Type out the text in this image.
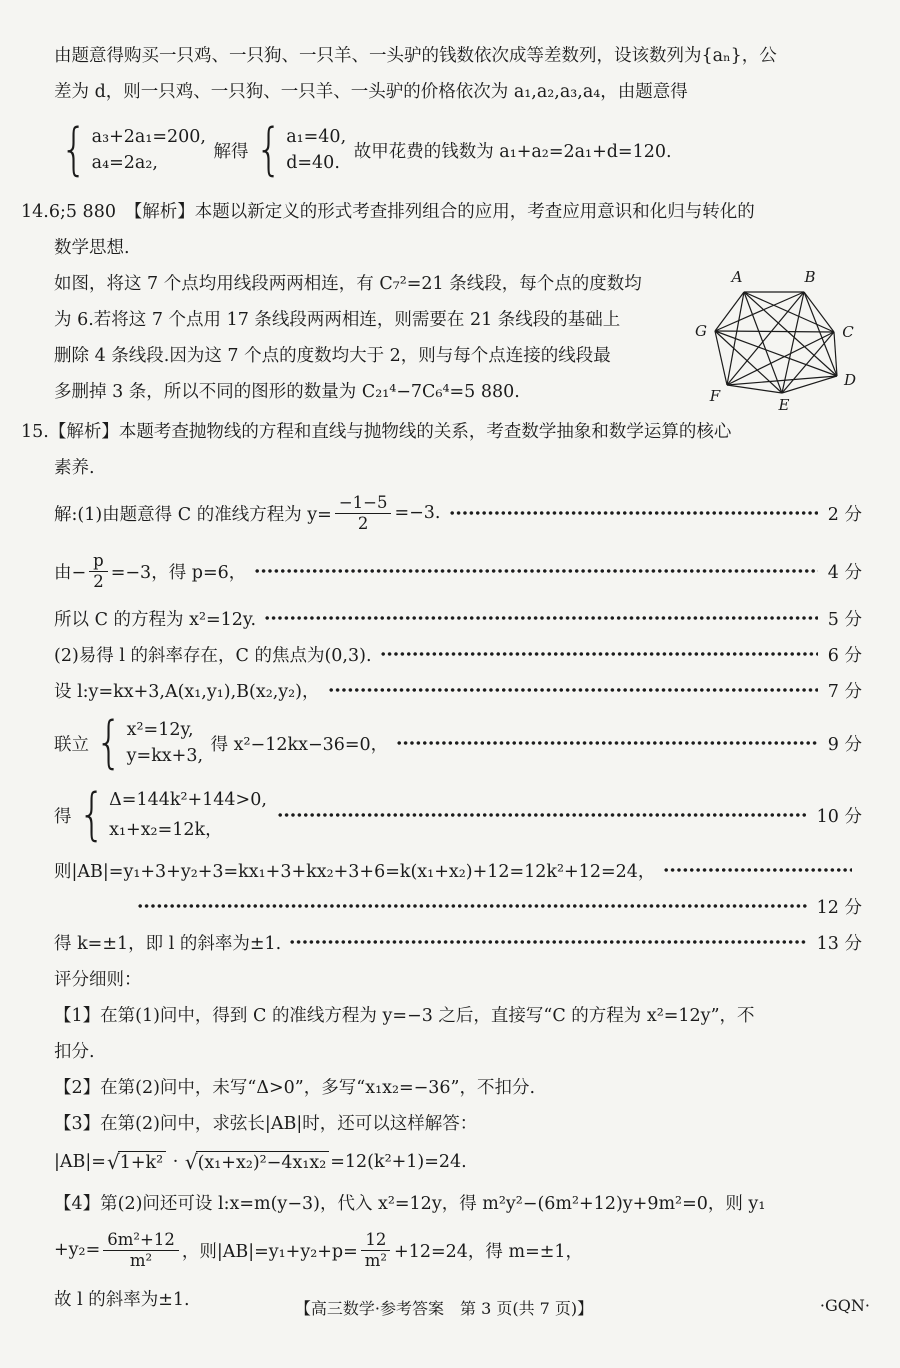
由题意得购买一只鸡、一只狗、一只羊、一头驴的钱数依次成等差数列，设该数列为{aₙ}，公
差为 d，则一只鸡、一只狗、一只羊、一头驴的价格依次为 a₁,a₂,a₃,a₄，由题意得
{ a₃+2a₁=200,
a₄=2a₂,
解得 { a₁=40,
d=40.
故甲花费的钱数为 a₁+a₂=2a₁+d=120.
14.6;5 880　【解析】本题以新定义的形式考查排列组合的应用，考查应用意识和化归与转化的
数学思想.
如图，将这 7 个点均用线段两两相连，有 C₇²=21 条线段，每个点的度数均
为 6.若将这 7 个点用 17 条线段两两相连，则需要在 21 条线段的基础上
删除 4 条线段.因为这 7 个点的度数均大于 2，则与每个点连接的线段最
多删掉 3 条，所以不同的图形的数量为 C₂₁⁴−7C₆⁴=5 880.
A	B
C
D
E
F
G
15.【解析】本题考查抛物线的方程和直线与抛物线的关系，考查数学抽象和数学运算的核心
素养.
解:(1)由题意得 C 的准线方程为 $y= \frac{-1-5}{2} =-3$.	2 分
由− $\frac{p}{2} =-3$，得 p=6，	4 分
所以 C 的方程为 x²=12y.	5 分
(2)易得 l 的斜率存在，C 的焦点为(0,3).	6 分
设 l:y=kx+3,A(x₁,y₁),B(x₂,y₂)，	7 分
联立 { x²=12y,
y=kx+3,
得 x²−12kx−36=0，	9 分
得 { Δ=144k²+144>0,
x₁+x₂=12k，
10 分
则|AB|=y₁+3+y₂+3=kx₁+3+kx₂+3+6=k(x₁+x₂)+12=12k²+12=24，
12 分
得 k=±1，即 l 的斜率为±1.	13 分
评分细则：
【1】在第(1)问中，得到 C 的准线方程为 y=−3 之后，直接写“C 的方程为 x²=12y”，不
扣分.
【2】在第(2)问中，未写“Δ>0”，多写“x₁x₂=−36”，不扣分.
【3】在第(2)问中，求弦长|AB|时，还可以这样解答：
|AB|= √ 1+k² · √ (x₁+x₂)²−4x₁x₂ =12(k²+1)=24.
【4】第(2)问还可设 l:x=m(y−3)，代入 x²=12y，得 m²y²−(6m²+12)y+9m²=0，则 y₁
$+y_2= \frac{\text{6m²+12}}{\text{m²}}$ ，则$|AB|=y_1+y_2+p= \frac{12}{\text{m²}} +12=24$，得 m=±1，
故 l 的斜率为±1.	【高三数学·参考答案　第 3 页(共 7 页)】	·GQN·
